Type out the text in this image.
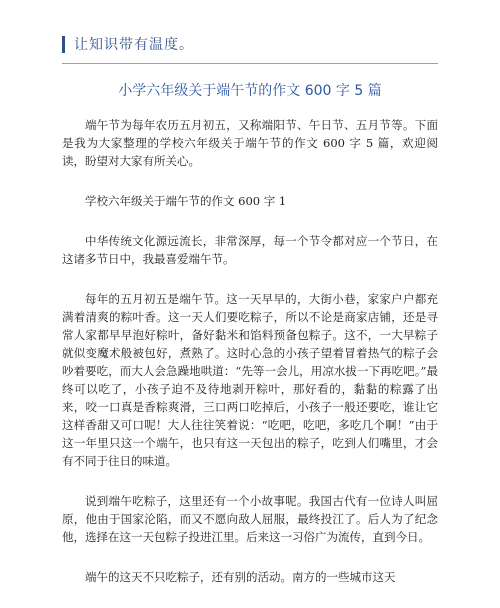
让知识带有温度。
小学六年级关于端午节的作文 600 字 5 篇

端午节为每年农历五月初五，又称端阳节、午日节、五月节等。下面是我为大家整理的学校六年级关于端午节的作文 600 字 5 篇，欢迎阅读，盼望对大家有所关心。

学校六年级关于端午节的作文 600 字 1

中华传统文化源远流长，非常深厚，每一个节令都对应一个节日，在这诸多节日中，我最喜爱端午节。

每年的五月初五是端午节。这一天早早的，大街小巷，家家户户都充满着清爽的粽叶香。这一天人们要吃粽子，所以不论是商家店铺，还是寻常人家都早早泡好粽叶，备好黏米和馅料预备包粽子。这不，一大早粽子就似变魔术般被包好，煮熟了。这时心急的小孩子望着冒着热气的粽子会吵着要吃，而大人会急躁地哄道：“先等一会儿，用凉水拔一下再吃吧。”最终可以吃了，小孩子迫不及待地剥开粽叶，那好看的，黏黏的粽露了出来，咬一口真是香粽爽滑，三口两口吃掉后，小孩子一般还要吃，谁让它这样香甜又可口呢！大人往往笑着说：“吃吧，吃吧，多吃几个啊！”由于这一年里只这一个端午，也只有这一天包出的粽子，吃到人们嘴里，才会有不同于往日的味道。

说到端午吃粽子，这里还有一个小故事呢。我国古代有一位诗人叫屈原，他由于国家沦陷，而又不愿向敌人屈服，最终投江了。后人为了纪念他，选择在这一天包粽子投进江里。后来这一习俗广为流传，直到今日。

端午的这天不只吃粽子，还有别的活动。南方的一些城市这天
